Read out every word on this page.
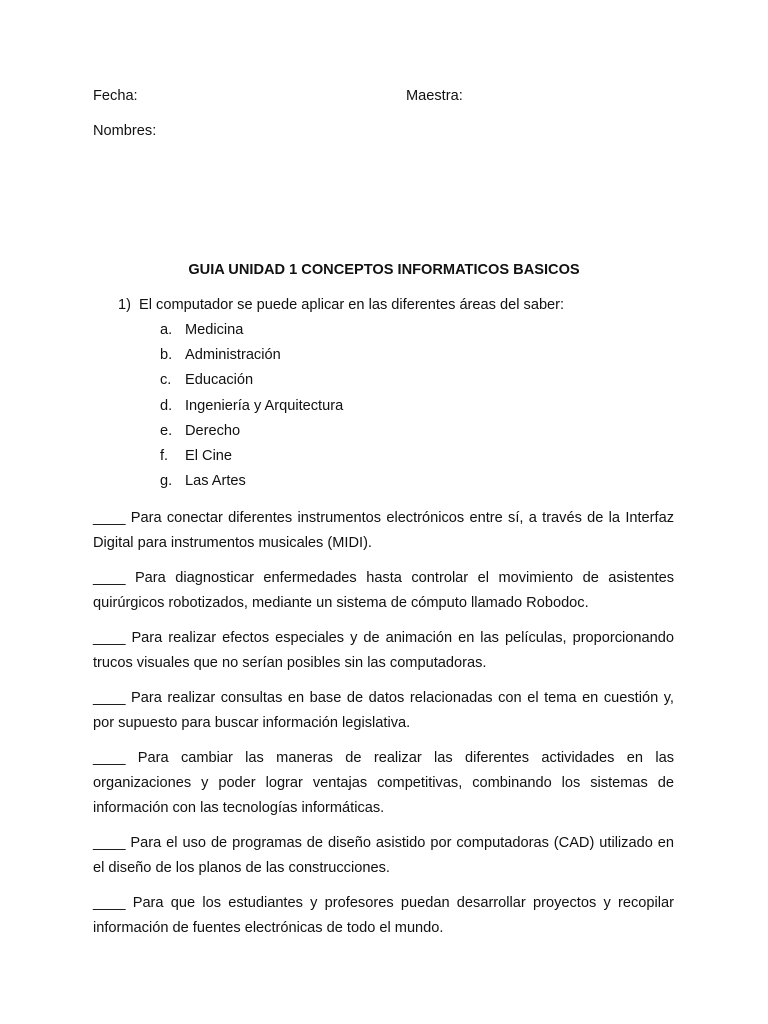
Fecha:	Maestra:
Nombres:
GUIA UNIDAD 1 CONCEPTOS INFORMATICOS BASICOS
1) El computador se puede aplicar en las diferentes áreas del saber:
a. Medicina
b. Administración
c. Educación
d. Ingeniería y Arquitectura
e. Derecho
f. El Cine
g. Las Artes

____ Para conectar diferentes instrumentos electrónicos entre sí, a través de la Interfaz Digital para instrumentos musicales (MIDI).

____ Para diagnosticar enfermedades hasta controlar el movimiento de asistentes quirúrgicos robotizados, mediante un sistema de cómputo llamado Robodoc.

____ Para realizar efectos especiales y de animación en las películas, proporcionando trucos visuales que no serían posibles sin las computadoras.

____ Para realizar consultas en base de datos relacionadas con el tema en cuestión y, por supuesto para buscar información legislativa.

____ Para cambiar las maneras de realizar las diferentes actividades en las organizaciones y poder lograr ventajas competitivas, combinando los sistemas de información con las tecnologías informáticas.

____ Para el uso de programas de diseño asistido por computadoras (CAD) utilizado en el diseño de los planos de las construcciones.

____ Para que los estudiantes y profesores puedan desarrollar proyectos y recopilar información de fuentes electrónicas de todo el mundo.
